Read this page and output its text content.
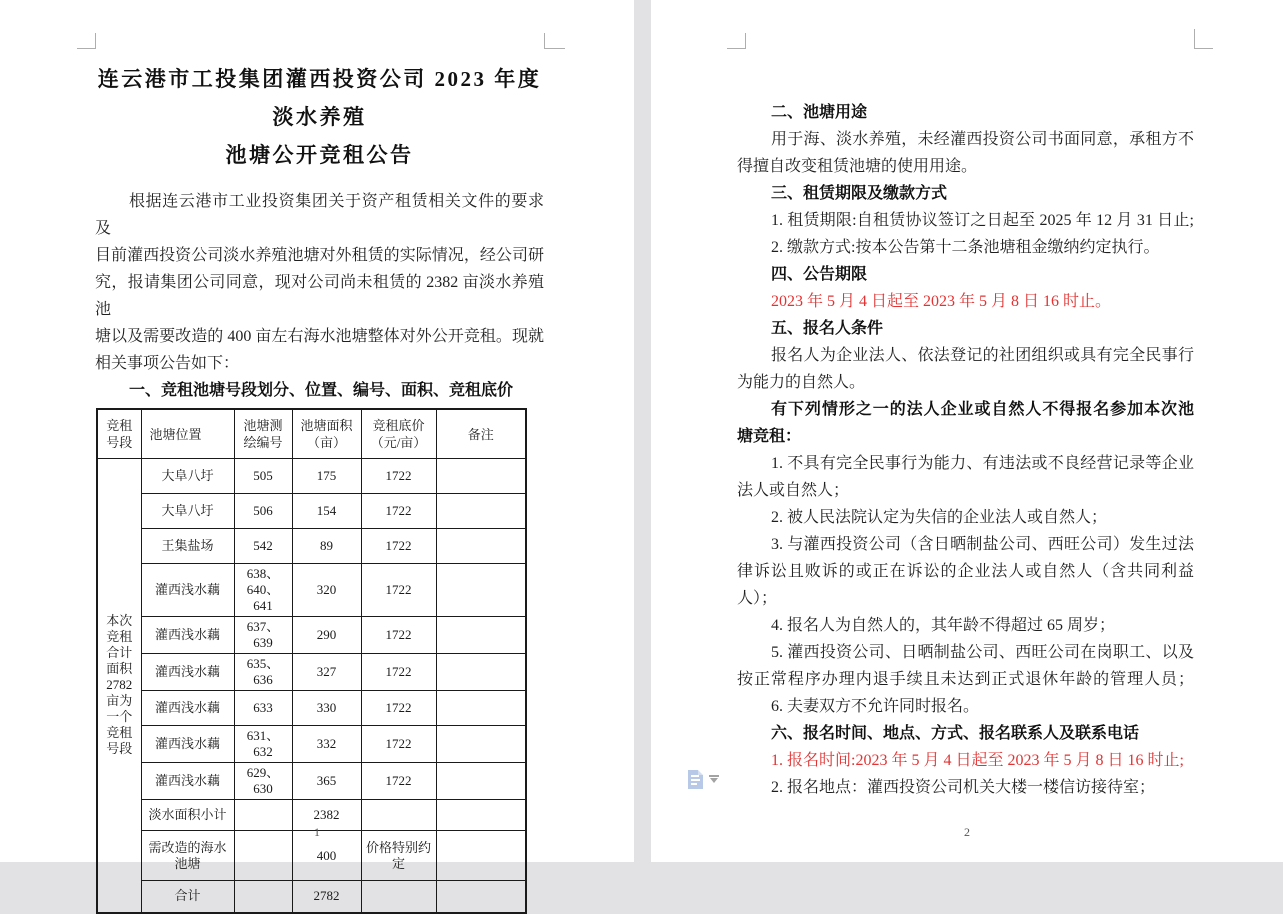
连云港市工投集团灌西投资公司 2023 年度淡水养殖
池塘公开竞租公告
根据连云港市工业投资集团关于资产租赁相关文件的要求及
目前灌西投资公司淡水养殖池塘对外租赁的实际情况，经公司研
究，报请集团公司同意，现对公司尚未租赁的 2382 亩淡水养殖池
塘以及需要改造的 400 亩左右海水池塘整体对外公开竞租。现就
相关事项公告如下：
一、竞租池塘号段划分、位置、编号、面积、竞租底价
竞租号段	池塘位置	池塘测绘编号	池塘面积（亩）	竞租底价（元/亩）	备注
本次竞租合计面积2782亩为一个竞租号段	大阜八圩	505	175	1722	
	大阜八圩	506	154	1722	
	王集盐场	542	89	1722	
	灌西浅水藕	638、640、641	320	1722	
	灌西浅水藕	637、639	290	1722	
	灌西浅水藕	635、636	327	1722	
	灌西浅水藕	633	330	1722	
	灌西浅水藕	631、632	332	1722	
	灌西浅水藕	629、630	365	1722	
	淡水面积小计		2382		
	需改造的海水池塘		400	价格特别约定	
	合计		2782		
1
二、池塘用途
用于海、淡水养殖，未经灌西投资公司书面同意，承租方不
得擅自改变租赁池塘的使用用途。
三、租赁期限及缴款方式
1. 租赁期限:自租赁协议签订之日起至 2025 年 12 月 31 日止;
2. 缴款方式:按本公告第十二条池塘租金缴纳约定执行。
四、公告期限
2023 年 5 月 4 日起至 2023 年 5 月 8 日 16 时止。
五、报名人条件
报名人为企业法人、依法登记的社团组织或具有完全民事行
为能力的自然人。
有下列情形之一的法人企业或自然人不得报名参加本次池
塘竞租：
1. 不具有完全民事行为能力、有违法或不良经营记录等企业
法人或自然人；
2. 被人民法院认定为失信的企业法人或自然人；
3. 与灌西投资公司（含日晒制盐公司、西旺公司）发生过法
律诉讼且败诉的或正在诉讼的企业法人或自然人（含共同利益
人）；
4. 报名人为自然人的，其年龄不得超过 65 周岁；
5. 灌西投资公司、日晒制盐公司、西旺公司在岗职工、以及
按正常程序办理内退手续且未达到正式退休年龄的管理人员；
6. 夫妻双方不允许同时报名。
六、报名时间、地点、方式、报名联系人及联系电话
1. 报名时间:2023 年 5 月 4 日起至 2023 年 5 月 8 日 16 时止;
2. 报名地点：灌西投资公司机关大楼一楼信访接待室；
2
